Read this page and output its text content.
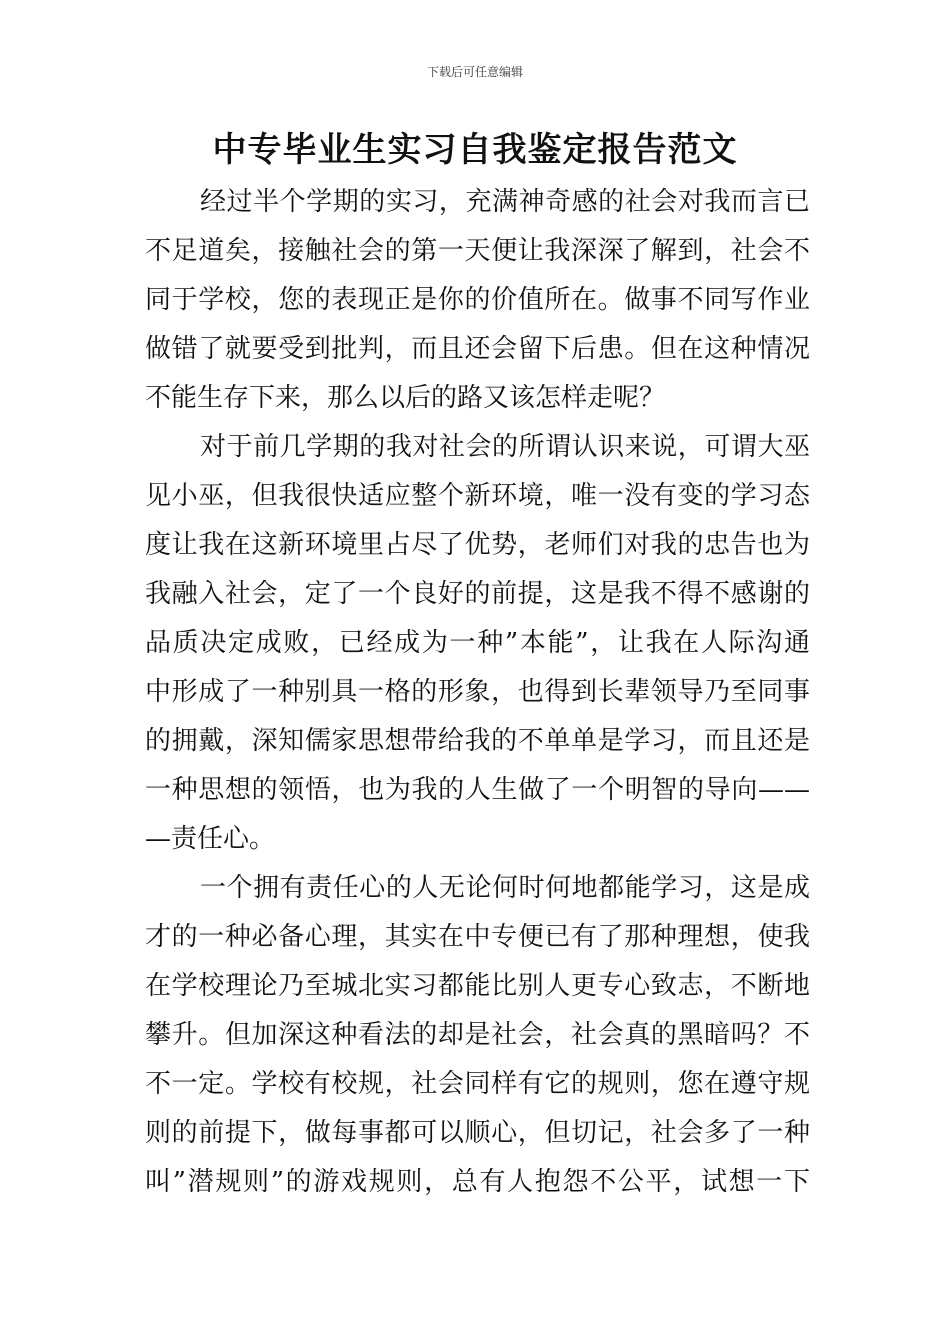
下载后可任意编辑
中专毕业生实习自我鉴定报告范文
经过半个学期的实习，充满神奇感的社会对我而言已
不足道矣，接触社会的第一天便让我深深了解到，社会不
同于学校，您的表现正是你的价值所在。做事不同写作业
做错了就要受到批判，而且还会留下后患。但在这种情况
不能生存下来，那么以后的路又该怎样走呢？
对于前几学期的我对社会的所谓认识来说，可谓大巫
见小巫，但我很快适应整个新环境，唯一没有变的学习态
度让我在这新环境里占尽了优势，老师们对我的忠告也为
我融入社会，定了一个良好的前提，这是我不得不感谢的
品质决定成败，已经成为一种”本能”，让我在人际沟通
中形成了一种别具一格的形象，也得到长辈领导乃至同事
的拥戴，深知儒家思想带给我的不单单是学习，而且还是
一种思想的领悟，也为我的人生做了一个明智的导向——
—责任心。
一个拥有责任心的人无论何时何地都能学习，这是成
才的一种必备心理，其实在中专便已有了那种理想，使我
在学校理论乃至城北实习都能比别人更专心致志，不断地
攀升。但加深这种看法的却是社会，社会真的黑暗吗？不
不一定。学校有校规，社会同样有它的规则，您在遵守规
则的前提下，做每事都可以顺心，但切记，社会多了一种
叫”潜规则”的游戏规则，总有人抱怨不公平，试想一下
